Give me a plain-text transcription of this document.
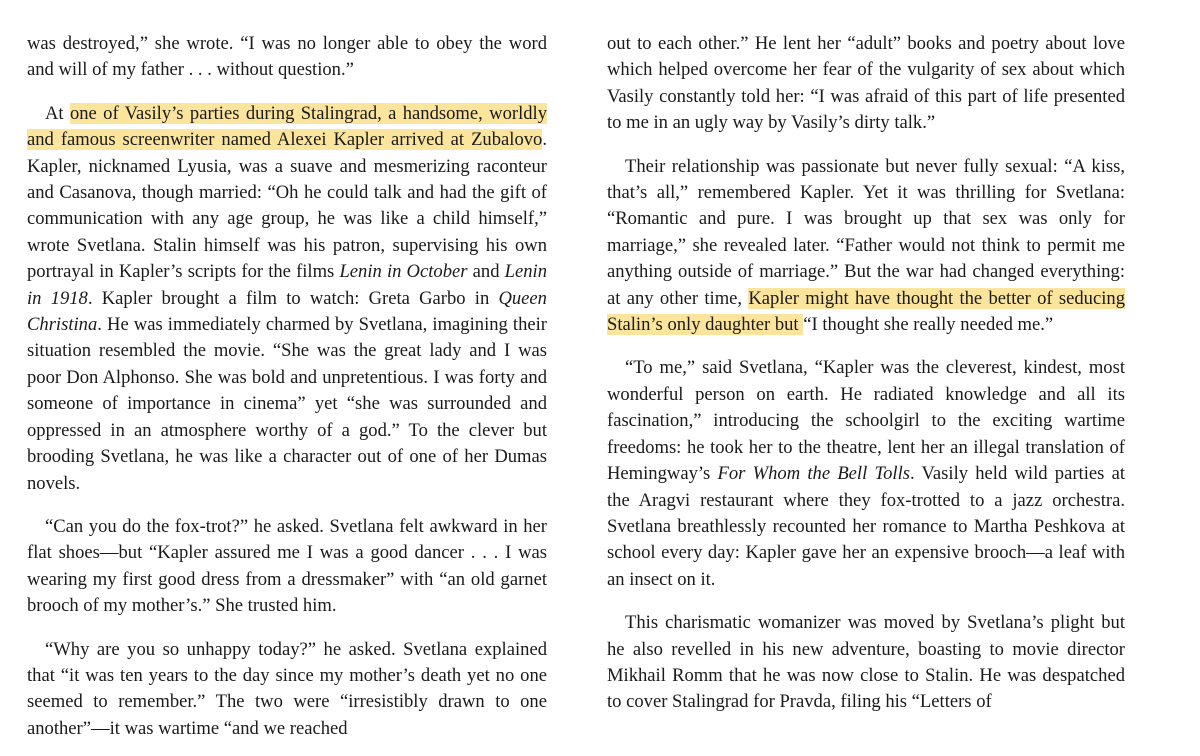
was destroyed,” she wrote. “I was no longer able to obey the word and will of my father . . . without question.”

At one of Vasily’s parties during Stalingrad, a handsome, worldly and famous screenwriter named Alexei Kapler arrived at Zubalovo. Kapler, nicknamed Lyusia, was a suave and mesmerizing raconteur and Casanova, though married: “Oh he could talk and had the gift of communication with any age group, he was like a child himself,” wrote Svetlana. Stalin himself was his patron, supervising his own portrayal in Kapler’s scripts for the films Lenin in October and Lenin in 1918. Kapler brought a film to watch: Greta Garbo in Queen Christina. He was immediately charmed by Svetlana, imagining their situation resembled the movie. “She was the great lady and I was poor Don Alphonso. She was bold and unpretentious. I was forty and someone of importance in cinema” yet “she was surrounded and oppressed in an atmosphere worthy of a god.” To the clever but brooding Svetlana, he was like a character out of one of her Dumas novels.

“Can you do the fox-trot?” he asked. Svetlana felt awkward in her flat shoes—but “Kapler assured me I was a good dancer . . . I was wearing my first good dress from a dressmaker” with “an old garnet brooch of my mother’s.” She trusted him.

“Why are you so unhappy today?” he asked. Svetlana explained that “it was ten years to the day since my mother’s death yet no one seemed to remember.” The two were “irresistibly drawn to one another”—it was wartime “and we reached

out to each other.” He lent her “adult” books and poetry about love which helped overcome her fear of the vulgarity of sex about which Vasily constantly told her: “I was afraid of this part of life presented to me in an ugly way by Vasily’s dirty talk.”

Their relationship was passionate but never fully sexual: “A kiss, that’s all,” remembered Kapler. Yet it was thrilling for Svetlana: “Romantic and pure. I was brought up that sex was only for marriage,” she revealed later. “Father would not think to permit me anything outside of marriage.” But the war had changed everything: at any other time, Kapler might have thought the better of seducing Stalin’s only daughter but “I thought she really needed me.”

“To me,” said Svetlana, “Kapler was the cleverest, kindest, most wonderful person on earth. He radiated knowledge and all its fascination,” introducing the schoolgirl to the exciting wartime freedoms: he took her to the theatre, lent her an illegal translation of Hemingway’s For Whom the Bell Tolls. Vasily held wild parties at the Aragvi restaurant where they fox-trotted to a jazz orchestra. Svetlana breathlessly recounted her romance to Martha Peshkova at school every day: Kapler gave her an expensive brooch—a leaf with an insect on it.

This charismatic womanizer was moved by Svetlana’s plight but he also revelled in his new adventure, boasting to movie director Mikhail Romm that he was now close to Stalin. He was despatched to cover Stalingrad for Pravda, filing his “Letters of
